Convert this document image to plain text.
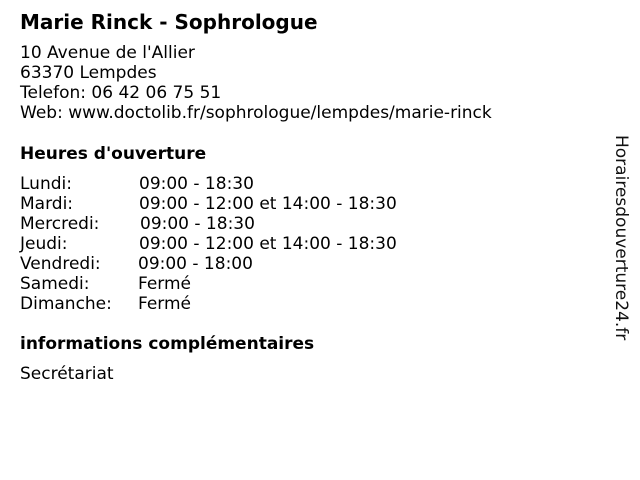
Marie Rinck - Sophrologue
10 Avenue de l'Allier
63370 Lempdes
Telefon: 06 42 06 75 51
Web: www.doctolib.fr/sophrologue/lempdes/marie-rinck
Heures d'ouverture
Lundi:	09:00 - 18:30
Mardi:	09:00 - 12:00 et 14:00 - 18:30
Mercredi: 09:00 - 18:30
Jeudi:	09:00 - 12:00 et 14:00 - 18:30
Vendredi: 09:00 - 18:00
Samedi:	Fermé
Dimanche: Fermé
informations complémentaires
Secrétariat
Horairesdouverture24.fr
